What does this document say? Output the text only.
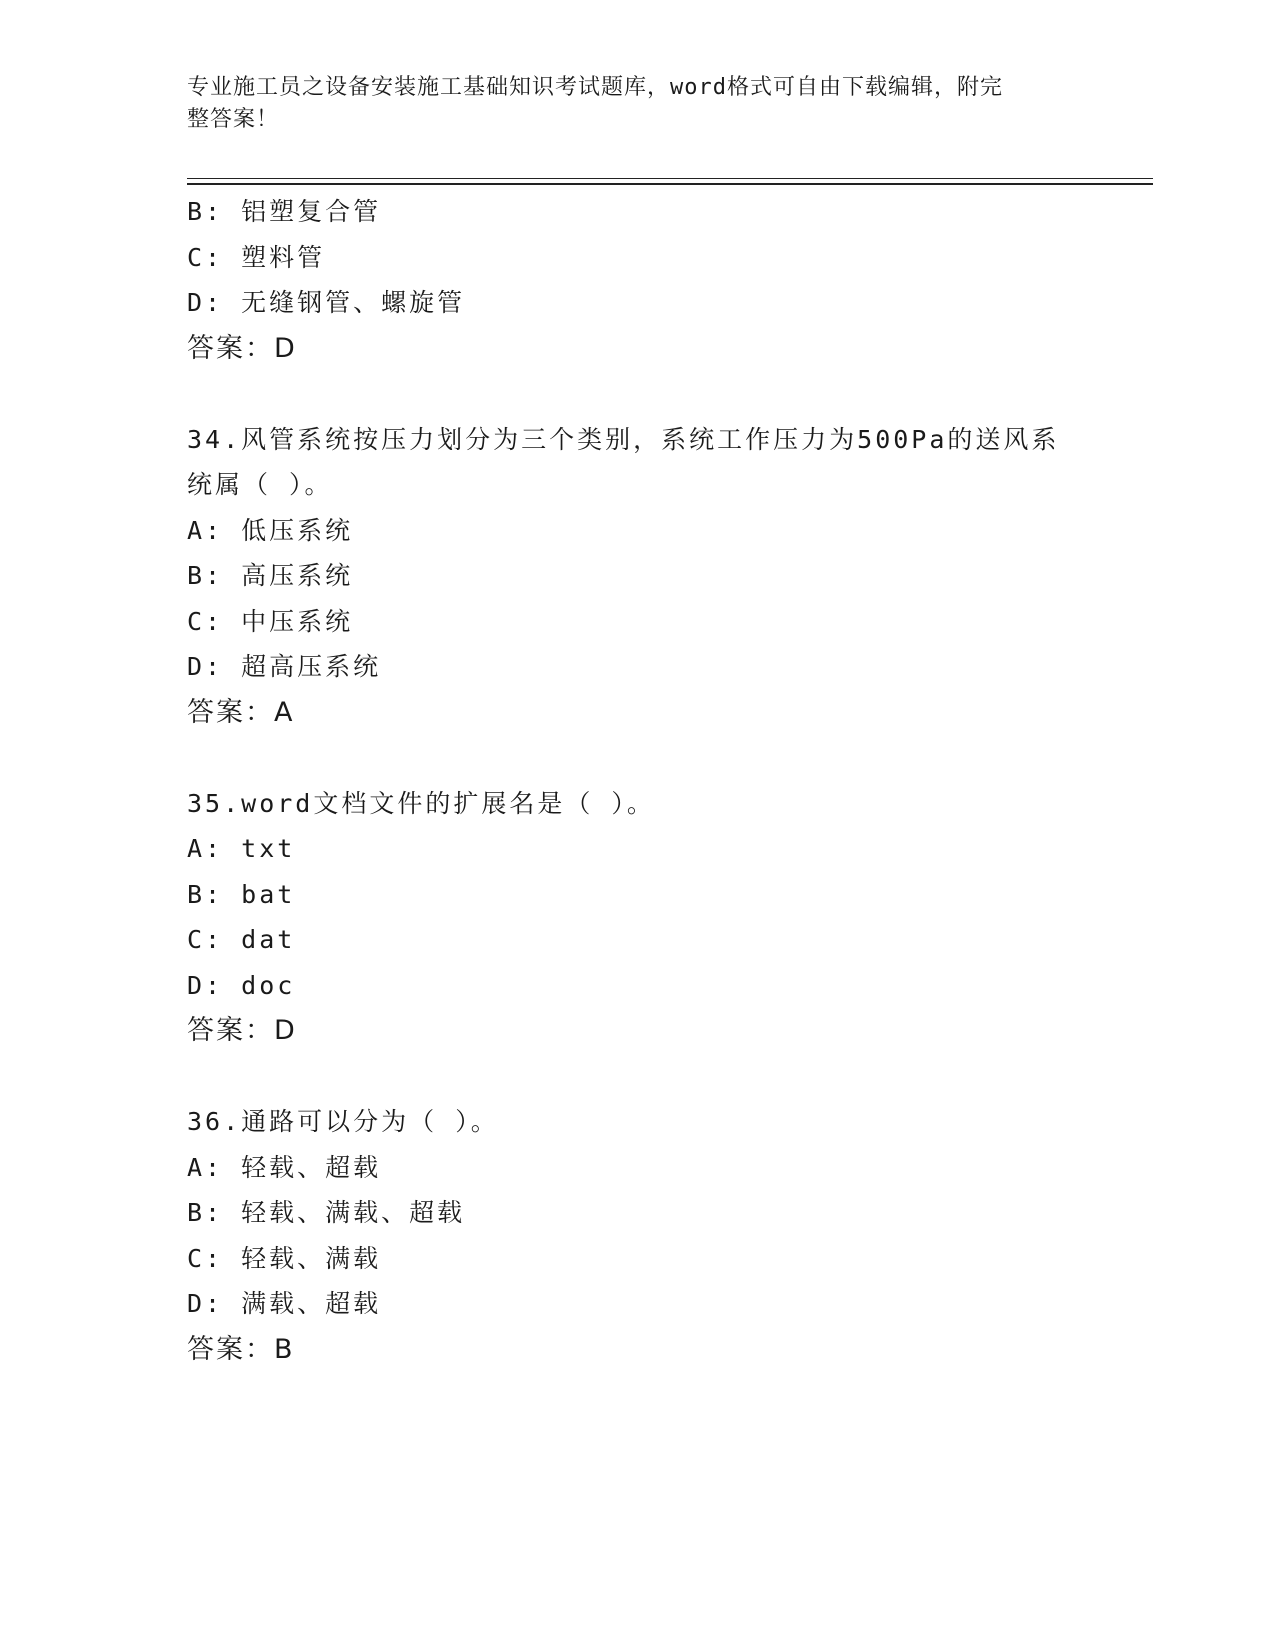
专业施工员之设备安装施工基础知识考试题库，word格式可自由下载编辑，附完
整答案！
B: 铝塑复合管
C: 塑料管
D: 无缝钢管、螺旋管
答案：D
34.风管系统按压力划分为三个类别，系统工作压力为500Pa的送风系
统属（ ）。
A: 低压系统
B: 高压系统
C: 中压系统
D: 超高压系统
答案：A
35.word文档文件的扩展名是（ ）。
A: txt
B: bat
C: dat
D: doc
答案：D
36.通路可以分为（ ）。
A: 轻载、超载
B: 轻载、满载、超载
C: 轻载、满载
D: 满载、超载
答案：B
